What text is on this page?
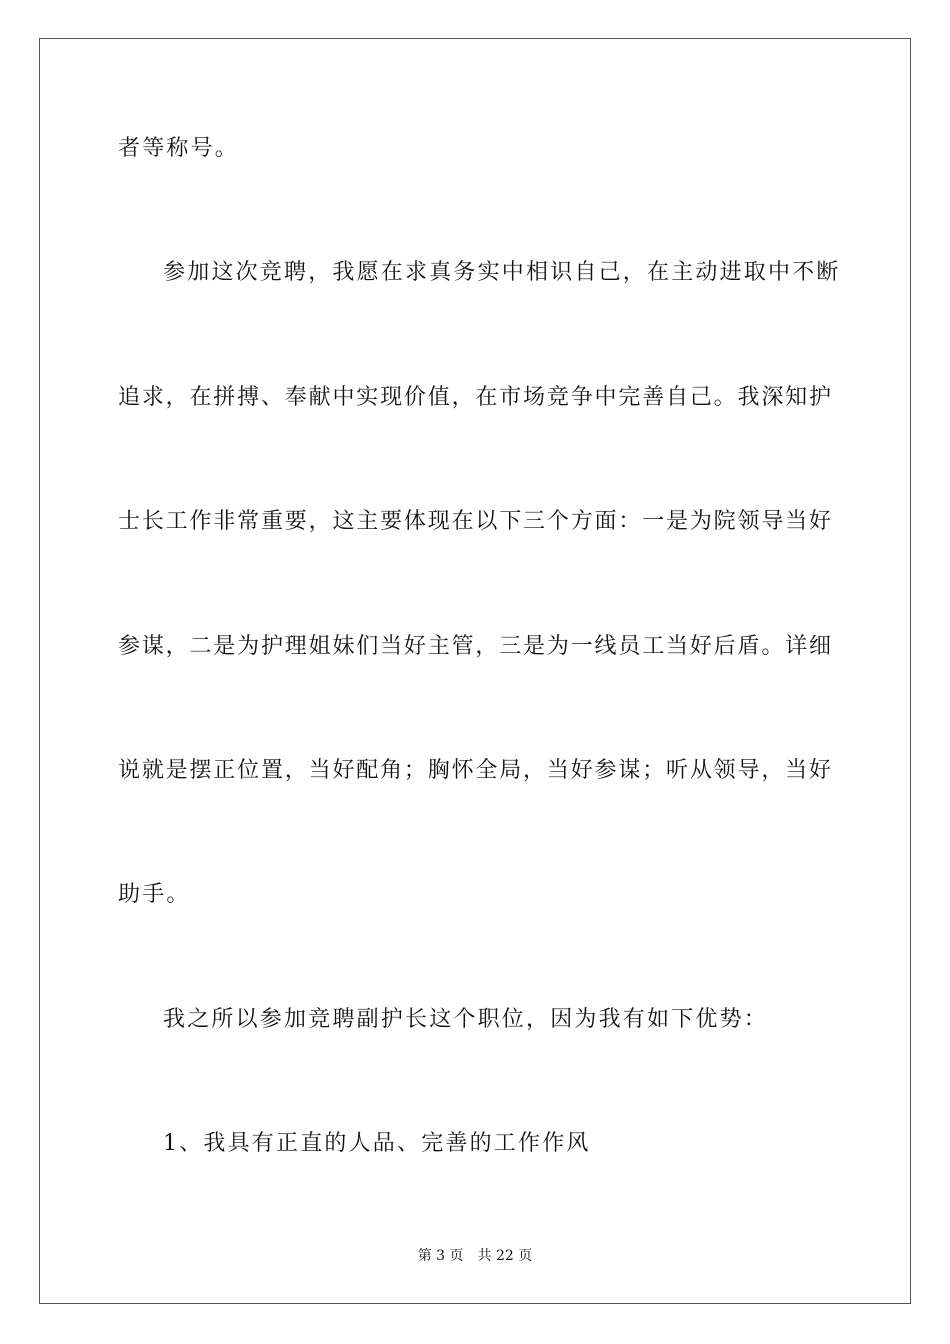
者等称号。
参加这次竞聘，我愿在求真务实中相识自己，在主动进取中不断
追求，在拼搏、奉献中实现价值，在市场竞争中完善自己。我深知护
士长工作非常重要，这主要体现在以下三个方面：一是为院领导当好
参谋，二是为护理姐妹们当好主管，三是为一线员工当好后盾。详细
说就是摆正位置，当好配角；胸怀全局，当好参谋；听从领导，当好
助手。
我之所以参加竞聘副护长这个职位，因为我有如下优势：
1、我具有正直的人品、完善的工作作风
第 3 页　共 22 页
